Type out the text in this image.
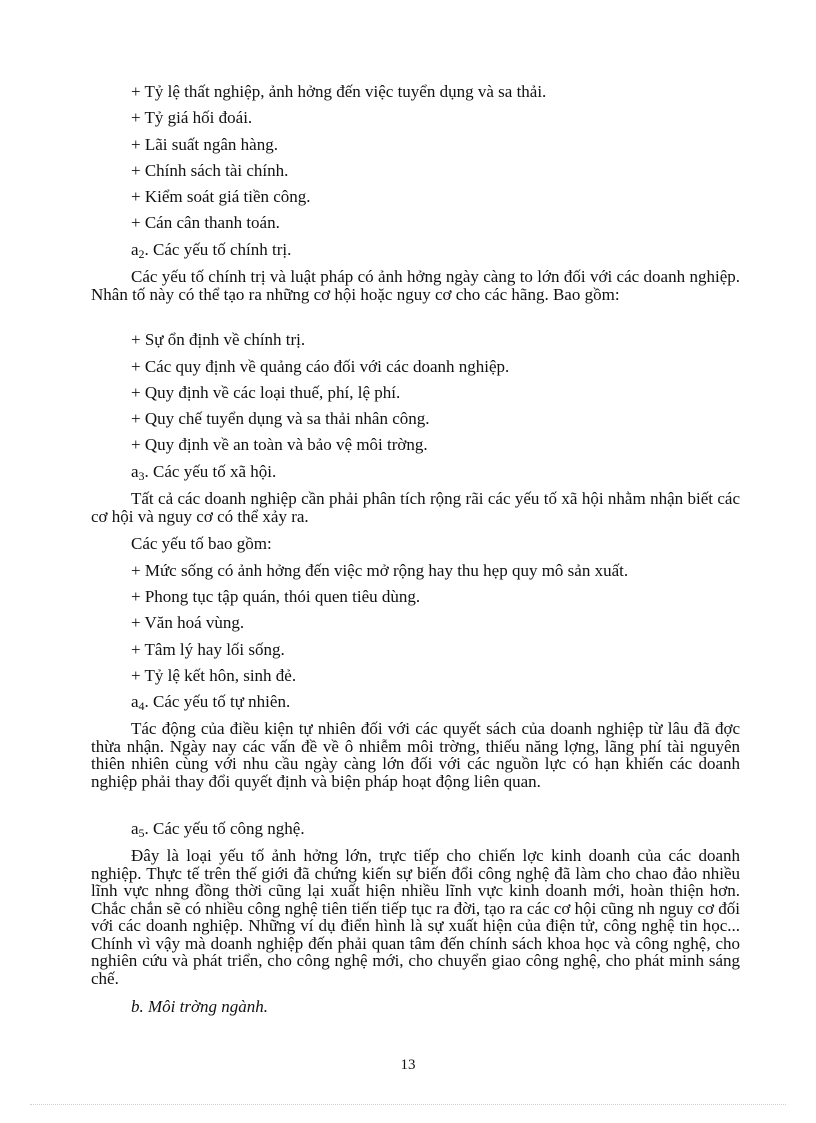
+ Tỷ lệ thất nghiệp, ảnh hởng đến việc tuyển dụng và sa thải.
+ Tỷ giá hối đoái.
+ Lãi suất ngân hàng.
+ Chính sách tài chính.
+ Kiểm soát giá tiền công.
+ Cán cân thanh toán.
$a_2$. Các yếu tố chính trị.
Các yếu tố chính trị và luật pháp có ảnh hởng ngày càng to lớn đối với các doanh nghiệp. Nhân tố này có thể tạo ra những cơ hội hoặc nguy cơ cho các hãng. Bao gồm:
+ Sự ổn định về chính trị.
+ Các quy định về quảng cáo đối với các doanh nghiệp.
+ Quy định về các loại thuế, phí, lệ phí.
+ Quy chế tuyển dụng và sa thải nhân công.
+ Quy định về an toàn và bảo vệ môi trờng.
$a_3$. Các yếu tố xã hội.
Tất cả các doanh nghiệp cần phải phân tích rộng rãi các yếu tố xã hội nhằm nhận biết các cơ hội và nguy cơ có thể xảy ra.
Các yếu tố bao gồm:
+ Mức sống có ảnh hởng đến việc mở rộng hay thu hẹp quy mô sản xuất.
+ Phong tục tập quán, thói quen tiêu dùng.
+ Văn hoá vùng.
+ Tâm lý hay lối sống.
+ Tỷ lệ kết hôn, sinh đẻ.
$a_4$. Các yếu tố tự nhiên.
Tác động của điều kiện tự nhiên đối với các quyết sách của doanh nghiệp từ lâu đã đợc thừa nhận. Ngày nay các vấn đề về ô nhiễm môi trờng, thiếu năng lợng, lãng phí tài nguyên thiên nhiên cùng với nhu cầu ngày càng lớn đối với các nguồn lực có hạn khiến các doanh nghiệp phải thay đổi quyết định và biện pháp hoạt động liên quan.
$a_5$. Các yếu tố công nghệ.
Đây là loại yếu tố ảnh hởng lớn, trực tiếp cho chiến lợc kinh doanh của các doanh nghiệp. Thực tế trên thế giới đã chứng kiến sự biến đổi công nghệ đã làm cho chao đảo nhiều lĩnh vực nhng đồng thời cũng lại xuất hiện nhiều lĩnh vực kinh doanh mới, hoàn thiện hơn. Chắc chắn sẽ có nhiều công nghệ tiên tiến tiếp tục ra đời, tạo ra các cơ hội cũng nh nguy cơ đối với các doanh nghiệp. Những ví dụ điển hình là sự xuất hiện của điện tử, công nghệ tin học... Chính vì vậy mà doanh nghiệp đến phải quan tâm đến chính sách khoa học và công nghệ, cho nghiên cứu và phát triển, cho công nghệ mới, cho chuyển giao công nghệ, cho phát minh sáng chế.
b. Môi trờng ngành.
13
